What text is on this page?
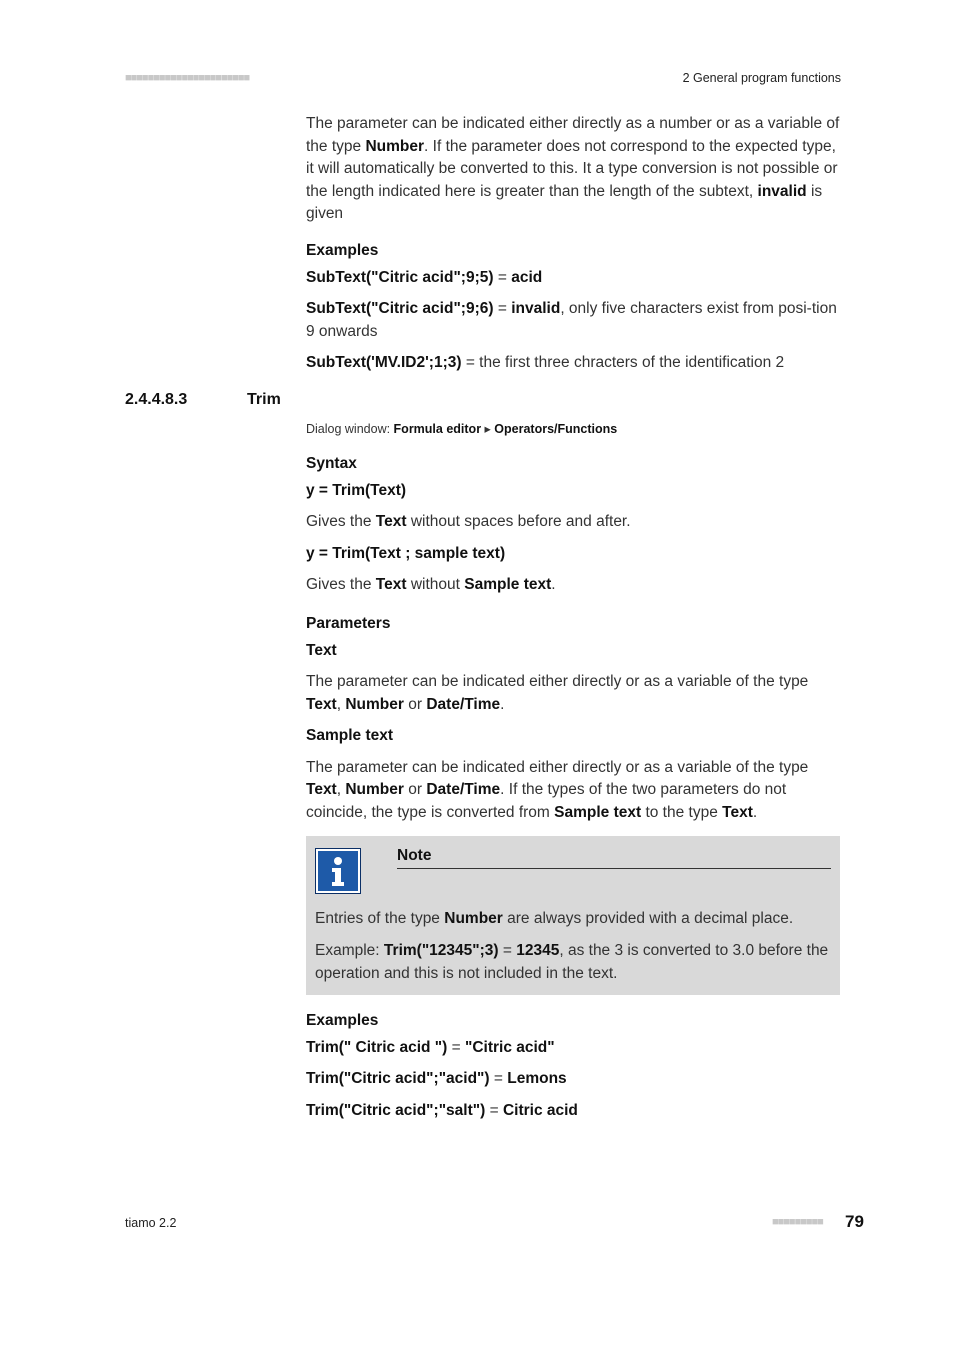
■■■■■■■■■■■■■■■■■■■■■■	2 General program functions

The parameter can be indicated either directly as a number or as a variable of the type Number. If the parameter does not correspond to the expected type, it will automatically be converted to this. It a type conversion is not possible or the length indicated here is greater than the length of the subtext, invalid is given

Examples

SubText("Citric acid";9;5) = acid

SubText("Citric acid";9;6) = invalid, only five characters exist from posi-tion 9 onwards

SubText('MV.ID2';1;3) = the first three chracters of the identification 2

2.4.4.8.3	Trim
Dialog window: Formula editor ▸ Operators/Functions

Syntax

y = Trim(Text)

Gives the Text without spaces before and after.

y = Trim(Text ; sample text)

Gives the Text without Sample text.

Parameters

Text

The parameter can be indicated either directly or as a variable of the type Text, Number or Date/Time.

Sample text

The parameter can be indicated either directly or as a variable of the type Text, Number or Date/Time. If the types of the two parameters do not coincide, the type is converted from Sample text to the type Text.

Note
Entries of the type Number are always provided with a decimal place.
Example: Trim("12345";3) = 12345, as the 3 is converted to 3.0 before the operation and this is not included in the text.

Examples

Trim(" Citric acid ") = "Citric acid"

Trim("Citric acid";"acid") = Lemons

Trim("Citric acid";"salt") = Citric acid

tiamo 2.2	■■■■■■■■■ 79
